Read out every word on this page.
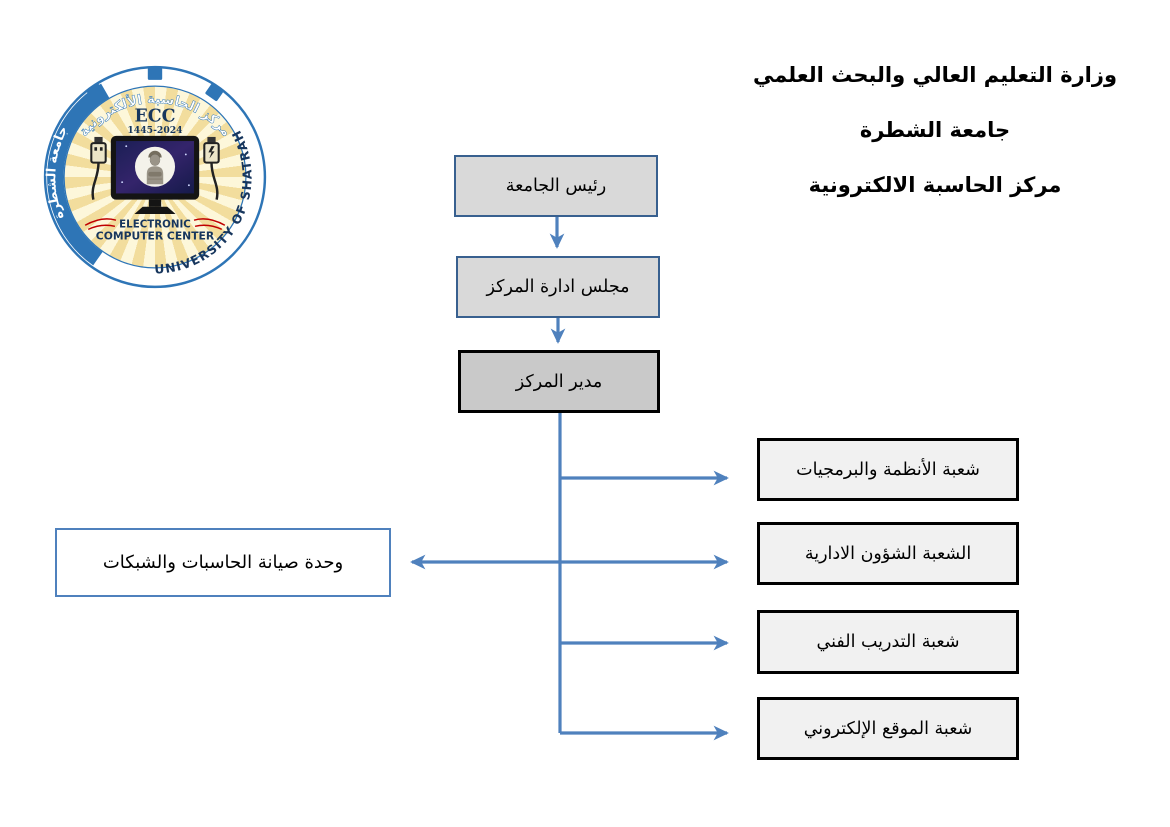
جامعة الشطرة
UNIVERSITY OF SHATRAH
مركز الحاسبة الألكترونية
ECC
1445-2024
ELECTRONIC
COMPUTER CENTER
وزارة التعليم العالي والبحث العلمي
جامعة الشطرة
مركز الحاسبة الالكترونية
رئيس الجامعة
مجلس ادارة المركز
مدير المركز
شعبة الأنظمة والبرمجيات
الشعبة الشؤون الادارية
شعبة التدريب الفني
شعبة الموقع الإلكتروني
وحدة صيانة الحاسبات والشبكات
